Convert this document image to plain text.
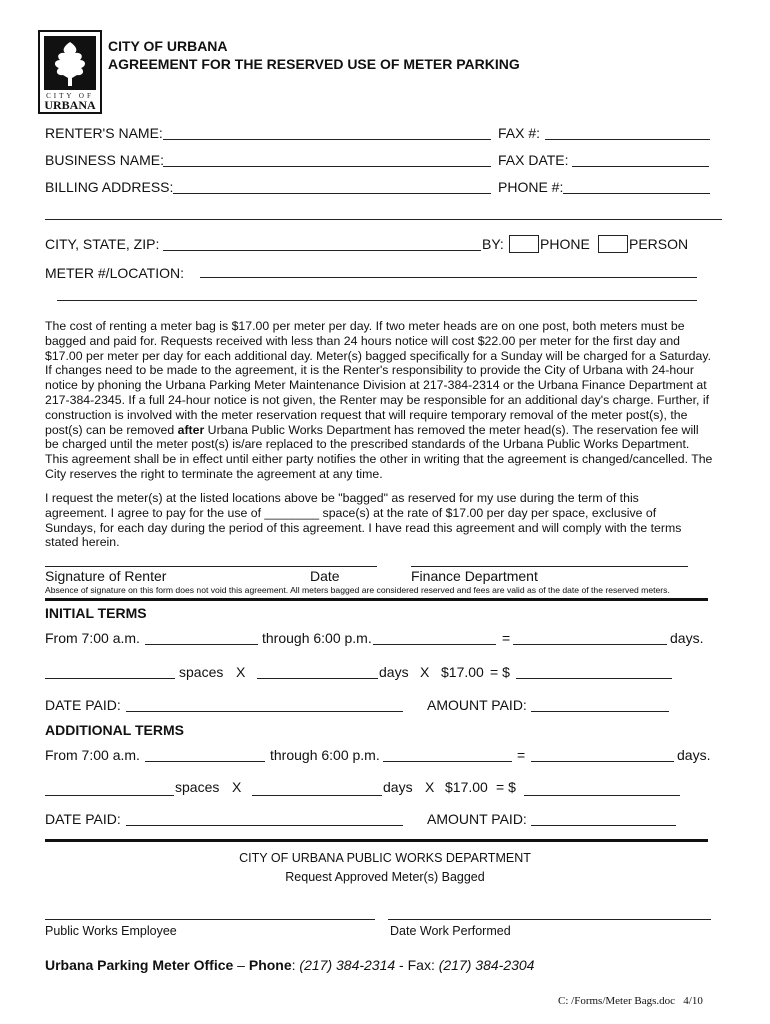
CITY OF
URBANA
CITY OF URBANA
AGREEMENT FOR THE RESERVED USE OF METER PARKING
RENTER'S NAME:	FAX #:
BUSINESS NAME:	FAX DATE:
BILLING ADDRESS:	PHONE #:
CITY, STATE, ZIP:	BY:	PHONE	PERSON
METER #/LOCATION:
The cost of renting a meter bag is $17.00 per meter per day. If two meter heads are on one post, both meters must be bagged and paid for. Requests received with less than 24 hours notice will cost $22.00 per meter for the first day and $17.00 per meter per day for each additional day. Meter(s) bagged specifically for a Sunday will be charged for a Saturday. If changes need to be made to the agreement, it is the Renter's responsibility to provide the City of Urbana with 24-hour notice by phoning the Urbana Parking Meter Maintenance Division at 217-384-2314 or the Urbana Finance Department at 217-384-2345. If a full 24-hour notice is not given, the Renter may be responsible for an additional day's charge. Further, if construction is involved with the meter reservation request that will require temporary removal of the meter post(s), the post(s) can be removed after Urbana Public Works Department has removed the meter head(s). The reservation fee will be charged until the meter post(s) is/are replaced to the prescribed standards of the Urbana Public Works Department. This agreement shall be in effect until either party notifies the other in writing that the agreement is changed/cancelled. The City reserves the right to terminate the agreement at any time.
I request the meter(s) at the listed locations above be "bagged" as reserved for my use during the term of this agreement. I agree to pay for the use of ________ space(s) at the rate of $17.00 per day per space, exclusive of Sundays, for each day during the period of this agreement. I have read this agreement and will comply with the terms stated herein.
Signature of Renter	Date	Finance Department
Absence of signature on this form does not void this agreement. All meters bagged are considered reserved and fees are valid as of the date of the reserved meters.
INITIAL TERMS
From 7:00 a.m.	through 6:00 p.m.	=	days.
spaces X	days X $17.00 = $
DATE PAID:	AMOUNT PAID:
ADDITIONAL TERMS
From 7:00 a.m.	through 6:00 p.m.	=	days.
spaces X	days X $17.00 = $
DATE PAID:	AMOUNT PAID:
CITY OF URBANA PUBLIC WORKS DEPARTMENT
Request Approved Meter(s) Bagged
Public Works Employee	Date Work Performed
Urbana Parking Meter Office – Phone: (217) 384-2314 - Fax: (217) 384-2304
C: /Forms/Meter Bags.doc   4/10
